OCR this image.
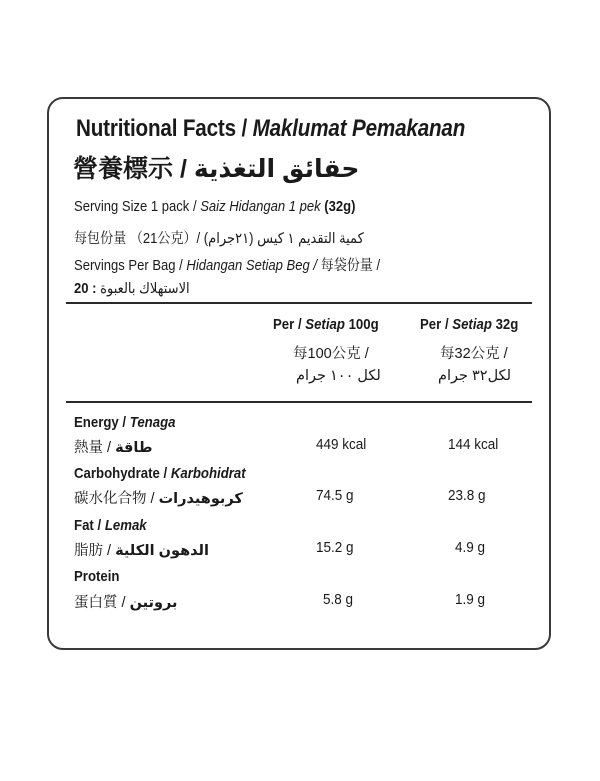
Nutritional Facts / Maklumat Pemakanan
營養標示 / حقائق التغذية
Serving Size 1 pack / Saiz Hidangan 1 pek (32g)
每包份量 （21公克）/ كمية التقديم ١ كيس (٢١جرام)
Servings Per Bag / Hidangan Setiap Beg / 每袋份量 /
20 : الاستهلاك بالعبوة
Per / Setiap 100g
每100公克 /
لكل ١٠٠ جرام
Per / Setiap 32g
每32公克 /
لكل٣٢ جرام
Energy / Tenaga
熱量 / طاقة	449 kcal	144 kcal
Carbohydrate / Karbohidrat
碳水化合物 / كربوهيدرات	74.5 g	23.8 g
Fat / Lemak
脂肪 / الدهون الكلية	15.2 g	4.9 g
Protein
蛋白質 / بروتين	5.8 g	1.9 g
